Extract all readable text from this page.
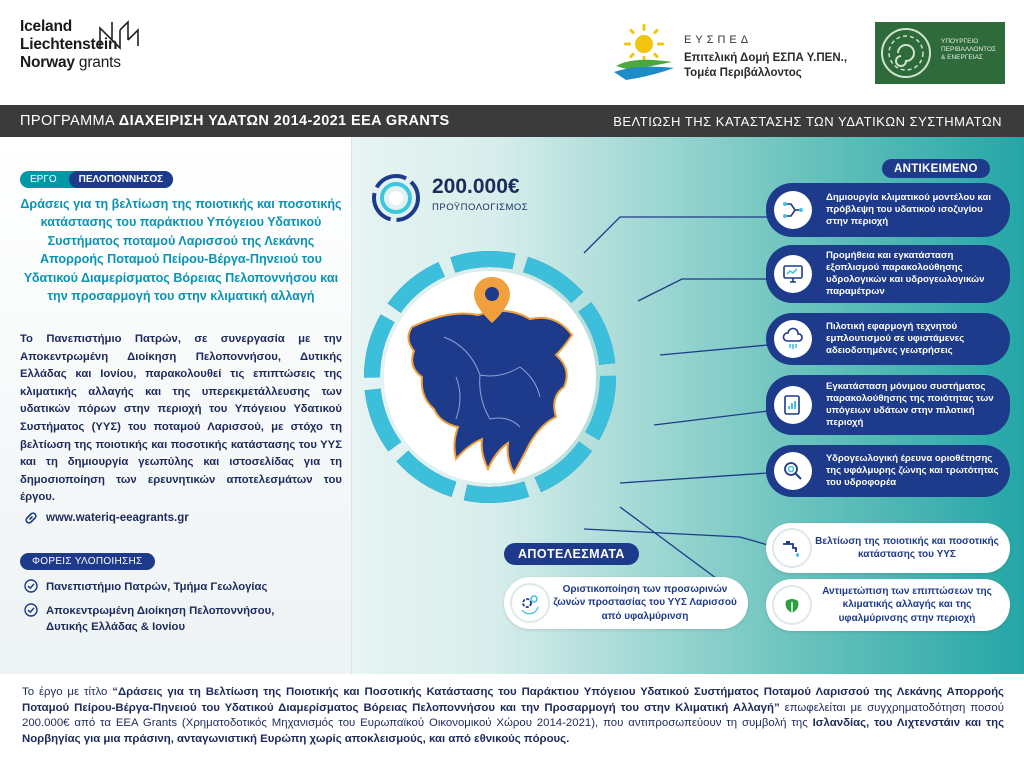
Iceland
Liechtenstein
Norway grants
ΕΥΣΠΕΔ
Επιτελική Δομή ΕΣΠΑ Υ.ΠΕΝ.,
Τομέα Περιβάλλοντος
ΥΠΟΥΡΓΕΙΟ
ΠΕΡΙΒΑΛΛΟΝΤΟΣ
& ΕΝΕΡΓΕΙΑΣ
ΠΡΟΓΡΑΜΜΑ ΔΙΑΧΕΙΡΙΣΗ ΥΔΑΤΩΝ 2014-2021 EEA GRANTS	ΒΕΛΤΙΩΣΗ ΤΗΣ ΚΑΤΑΣΤΑΣΗΣ ΤΩΝ ΥΔΑΤΙΚΩΝ ΣΥΣΤΗΜΑΤΩΝ
ΕΡΓΟ	ΠΕΛΟΠΟΝΝΗΣΟΣ
Δράσεις για τη βελτίωση της ποιοτικής και ποσοτικής κατάστασης του παράκτιου Υπόγειου Υδατικού Συστήματος ποταμού Λαρισσού της Λεκάνης Απορροής Ποταμού Πείρου-Βέργα-Πηνειού του Υδατικού Διαμερίσματος Βόρειας Πελοποννήσου και την προσαρμογή του στην κλιματική αλλαγή
Το Πανεπιστήμιο Πατρών, σε συνεργασία με την Αποκεντρωμένη Διοίκηση Πελοποννήσου, Δυτικής Ελλάδας και Ιονίου, παρακολουθεί τις επιπτώσεις της κλιματικής αλλαγής και της υπερεκμετάλλευσης των υδατικών πόρων στην περιοχή του Υπόγειου Υδατικού Συστήματος (ΥΥΣ) του ποταμού Λαρισσού, με στόχο τη βελτίωση της ποιοτικής και ποσοτικής κατάστασης του ΥΥΣ και τη δημιουργία γεωπύλης και ιστοσελίδας για τη δημοσιοποίηση των ερευνητικών αποτελεσμάτων του έργου.
www.wateriq-eeagrants.gr
ΦΟΡΕΙΣ ΥΛΟΠΟΙΗΣΗΣ
Πανεπιστήμιο Πατρών, Τμήμα Γεωλογίας
Αποκεντρωμένη Διοίκηση Πελοποννήσου,
Δυτικής Ελλάδας & Ιονίου
200.000€
ΠΡΟΫΠΟΛΟΓΙΣΜΟΣ
ΑΝΤΙΚΕΙΜΕΝΟ
Δημιουργία κλιματικού μοντέλου και πρόβλεψη του υδατικού ισοζυγίου στην περιοχή
Προμήθεια και εγκατάσταση εξοπλισμού παρακολούθησης υδρολογικών και υδρογεωλογικών παραμέτρων
Πιλοτική εφαρμογή τεχνητού εμπλουτισμού σε υφιστάμενες αδειοδοτημένες γεωτρήσεις
Εγκατάσταση μόνιμου συστήματος παρακολούθησης της ποιότητας των υπόγειων υδάτων στην πιλοτική περιοχή
Υδρογεωλογική έρευνα οριοθέτησης της υφάλμυρης ζώνης και τρωτότητας του υδροφορέα
ΑΠΟΤΕΛΕΣΜΑΤΑ
Βελτίωση της ποιοτικής και ποσοτικής κατάστασης του ΥΥΣ
Αντιμετώπιση των επιπτώσεων της κλιματικής αλλαγής και της υφαλμύρινσης στην περιοχή
Οριστικοποίηση των προσωρινών ζωνών προστασίας του ΥΥΣ Λαρισσού από υφαλμύρινση
Το έργο με τίτλο “Δράσεις για τη Βελτίωση της Ποιοτικής και Ποσοτικής Κατάστασης του Παράκτιου Υπόγειου Υδατικού Συστήματος Ποταμού Λαρισσού της Λεκάνης Απορροής Ποταμού Πείρου-Βέργα-Πηνειού του Υδατικού Διαμερίσματος Βόρειας Πελοποννήσου και την Προσαρμογή του στην Κλιματική Αλλαγή” επωφελείται με συγχρηματοδότηση ποσού 200.000€ από τα EEA Grants (Χρηματοδοτικός Μηχανισμός του Ευρωπαϊκού Οικονομικού Χώρου 2014-2021), που αντιπροσωπεύουν τη συμβολή της Ισλανδίας, του Λιχτενστάιν και της Νορβηγίας για μια πράσινη, ανταγωνιστική Ευρώπη χωρίς αποκλεισμούς, και από εθνικούς πόρους.
